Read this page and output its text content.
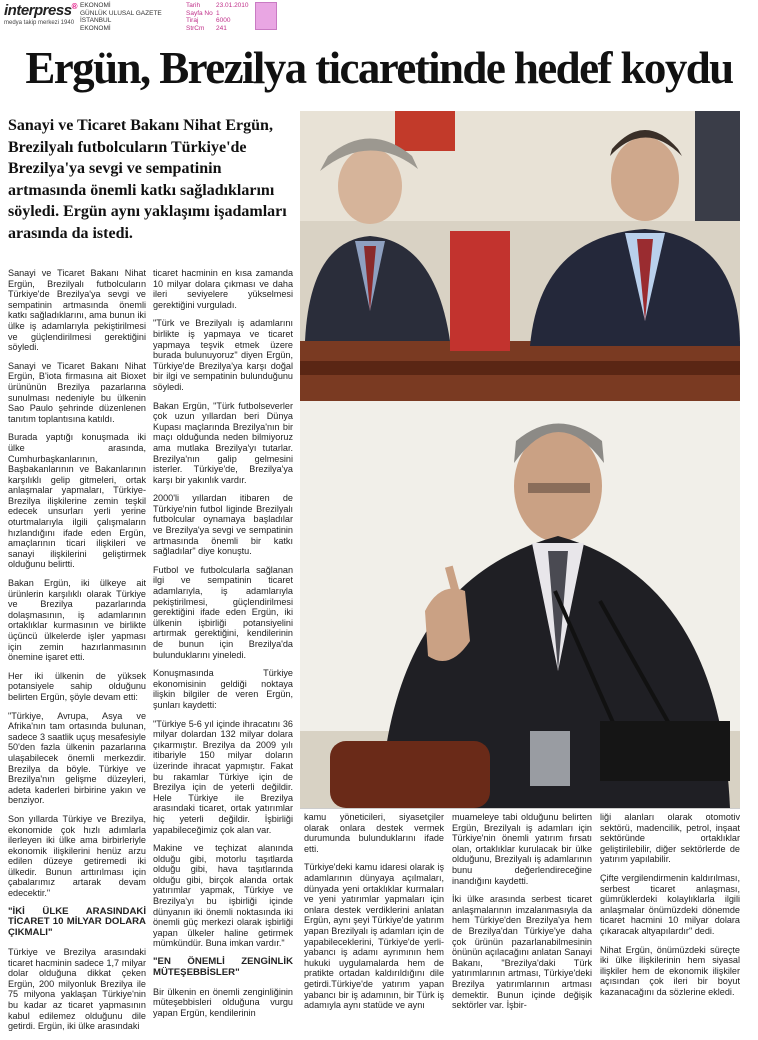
interpress®
medya takip merkezi 1940
EKONOMİ
GÜNLÜK ULUSAL GAZETE
İSTANBUL
EKONOMİ
Tarih
Sayfa No
Tiraj
StrCm
23.01.2010
1
6000
241
Ergün, Brezilya ticaretinde hedef koydu
Sanayi ve Ticaret Bakanı Nihat Ergün, Brezilyalı futbolcuların Türkiye'de Brezilya'ya sevgi ve sempatinin artmasında önemli katkı sağladıklarını söyledi. Ergün aynı yaklaşımı işadamları arasında da istedi.

Sanayi ve Ticaret Bakanı Nihat Ergün, Brezilyalı futbolcuların Türkiye'de Brezilya'ya sevgi ve sempatinin artmasında önemli katkı sağladıklarını, ama bunun iki ülke iş adamlarıyla pekiştirilmesi ve güçlendirilmesi gerektiğini söyledi.

Sanayi ve Ticaret Bakanı Nihat Ergün, B'iota firmasına ait Bioxet ürününün Brezilya pazarlarına sunulması nedeniyle bu ülkenin Sao Paulo şehrinde düzenlenen tanıtım toplantısına katıldı.

Burada yaptığı konuşmada iki ülke arasında, Cumhurbaşkanlarının, Başbakanlarının ve Bakanlarının karşılıklı gelip gitmeleri, ortak anlaşmalar yapmaları, Türkiye-Brezilya ilişkilerine zemin teşkil edecek unsurları yerli yerine oturtmalarıyla ilgili çalışmaların hızlandığını ifade eden Ergün, amaçlarının ticari ilişkileri ve sanayi ilişkilerini geliştirmek olduğunu belirtti.

Bakan Ergün, iki ülkeye ait ürünlerin karşılıklı olarak Türkiye ve Brezilya pazarlarında dolaşmasının, iş adamlarının ortaklıklar kurmasının ve birlikte üçüncü ülkelerde işler yapması için zemin hazırlanmasının önemine işaret etti.

Her iki ülkenin de yüksek potansiyele sahip olduğunu belirten Ergün, şöyle devam etti:

"Türkiye, Avrupa, Asya ve Afrika'nın tam ortasında bulunan, sadece 3 saatlik uçuş mesafesiyle 50'den fazla ülkenin pazarlarına ulaşabilecek önemli merkezdir. Brezilya da böyle. Türkiye ve Brezilya'nın gelişme düzeyleri, adeta kaderleri birbirine yakın ve benziyor.

Son yıllarda Türkiye ve Brezilya, ekonomide çok hızlı adımlarla ilerleyen iki ülke ama birbirleriyle ekonomik ilişkilerini henüz arzu edilen düzeye getiremedi iki ülkedir. Bunun arttırılması için çabalarımız artarak devam edecektir."

"İKİ ÜLKE ARASINDAKİ TİCARET 10 MİLYAR DOLARA ÇIKMALI"

Türkiye ve Brezilya arasındaki ticaret hacminin sadece 1,7 milyar dolar olduğuna dikkat çeken Ergün, 200 milyonluk Brezilya ile 75 milyona yaklaşan Türkiye'nin bu kadar az ticaret yapmasının kabul edilemez olduğunu dile getirdi. Ergün, iki ülke arasındaki

ticaret hacminin en kısa zamanda 10 milyar dolara çıkması ve daha ileri seviyelere yükselmesi gerektiğini vurguladı.

"Türk ve Brezilyalı iş adamlarını birlikte iş yapmaya ve ticaret yapmaya teşvik etmek üzere burada bulunuyoruz" diyen Ergün, Türkiye'de Brezilya'ya karşı doğal bir ilgi ve sempatinin bulunduğunu söyledi.

Bakan Ergün, "Türk futbolseverler çok uzun yıllardan beri Dünya Kupası maçlarında Brezilya'nın bir maçı olduğunda neden bilmiyoruz ama mutlaka Brezilya'yı tutarlar. Brezilya'nın galip gelmesini isterler. Türkiye'de, Brezilya'ya karşı bir yakınlık vardır.

2000'li yıllardan itibaren de Türkiye'nin futbol liginde Brezilyalı futbolcular oynamaya başladılar ve Brezilya'ya sevgi ve sempatinin artmasında önemli bir katkı sağladılar" diye konuştu.

Futbol ve futbolcularla sağlanan ilgi ve sempatinin ticaret adamlarıyla, iş adamlarıyla pekiştirilmesi, güçlendirilmesi gerektiğini ifade eden Ergün, iki ülkenin işbirliği potansiyelini artırmak gerektiğini, kendilerinin de bunun için Brezilya'da bulunduklarını yineledi.

Konuşmasında Türkiye ekonomisinin geldiği noktaya ilişkin bilgiler de veren Ergün, şunları kaydetti:

"Türkiye 5-6 yıl içinde ihracatını 36 milyar dolardan 132 milyar dolara çıkarmıştır. Brezilya da 2009 yılı itibariyle 150 milyar doların üzerinde ihracat yapmıştır. Fakat bu rakamlar Türkiye için de Brezilya için de yeterli değildir. Hele Türkiye ile Brezilya arasındaki ticaret, ortak yatırımlar hiç yeterli değildir. İşbirliği yapabileceğimiz çok alan var.

Makine ve teçhizat alanında olduğu gibi, motorlu taşıtlarda olduğu gibi, hava taşıtlarında olduğu gibi, birçok alanda ortak yatırımlar yapmak, Türkiye ve Brezilya'yı bu işbirliği içinde dünyanın iki önemli noktasında iki önemli güç merkezi olarak işbirliği yapan ülkeler haline getirmek mümkündür. Buna imkan vardır."

"EN ÖNEMLİ ZENGİNLİK MÜTEŞEBBİSLER"

Bir ülkenin en önemli zenginliğinin müteşebbisleri olduğuna vurgu yapan Ergün, kendilerinin

kamu yöneticileri, siyasetçiler olarak onlara destek vermek durumunda bulunduklarını ifade etti.

Türkiye'deki kamu idaresi olarak iş adamlarının dünyaya açılmaları, dünyada yeni ortaklıklar kurmaları ve yeni yatırımlar yapmaları için onlara destek verdiklerini anlatan Ergün, aynı şeyi Türkiye'de yatırım yapan Brezilyalı iş adamları için de yapabileceklerini, Türkiye'de yerli-yabancı iş adamı ayrımının hem hukuki uygulamalarda hem de pratikte ortadan kaldırıldığını dile getirdi.Türkiye'de yatırım yapan yabancı bir iş adamının, bir Türk iş adamıyla aynı statüde ve aynı

muameleye tabi olduğunu belirten Ergün, Brezilyalı iş adamları için Türkiye'nin önemli yatırım fırsatı olan, ortaklıklar kurulacak bir ülke olduğunu, Brezilyalı iş adamlarının bunu değerlendireceğine inandığını kaydetti.

İki ülke arasında serbest ticaret anlaşmalarının imzalanmasıyla da hem Türkiye'den Brezilya'ya hem de Brezilya'dan Türkiye'ye daha çok ürünün pazarlanabilmesinin önünün açılacağını anlatan Sanayi Bakanı, "Brezilya'daki Türk yatırımlarının artması, Türkiye'deki Brezilya yatırımlarının artması demektir. Bunun içinde değişik sektörler var. İşbir-

liği alanları olarak otomotiv sektörü, madencilik, petrol, inşaat sektöründe ortaklıklar geliştirilebilir, diğer sektörlerde de yatırım yapılabilir.

Çifte vergilendirmenin kaldırılması, serbest ticaret anlaşması, gümrüklerdeki kolaylıklarla ilgili anlaşmalar önümüzdeki dönemde ticaret hacmini 10 milyar dolara çıkaracak altyapılardır" dedi.

Nihat Ergün, önümüzdeki süreçte iki ülke ilişkilerinin hem siyasal ilişkiler hem de ekonomik ilişkiler açısından çok ileri bir boyut kazanacağını da sözlerine ekledi.
